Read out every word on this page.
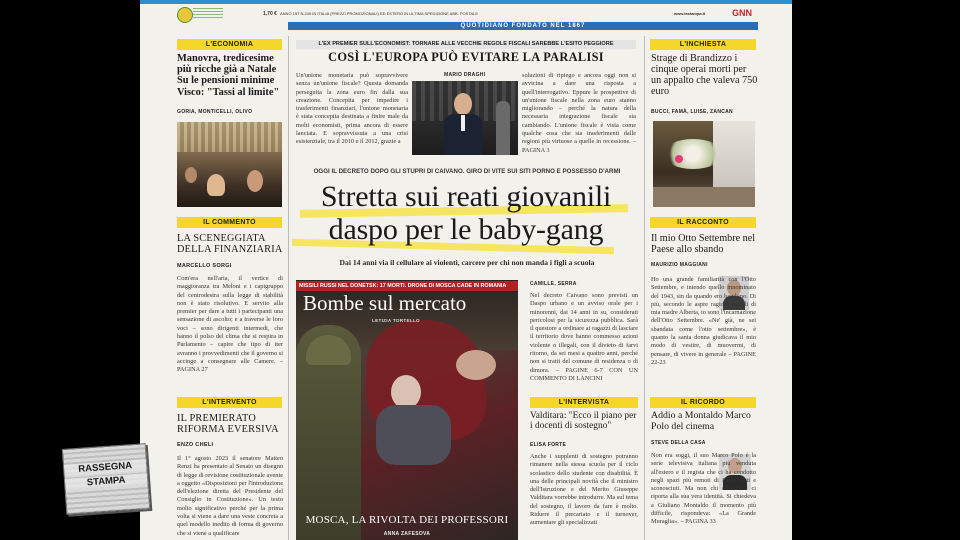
1,70 € ANNO 157 N.245 IN ITALIA (PREZZI PROMOZIONALI) ED ESTERO IN ULTIMA SPEDIZIONE ABB. POSTALE	www.lastampa.it	GNN
QUOTIDIANO FONDATO NEL 1867
L'ECONOMIA
Manovra, tredicesime più ricche già a Natale Su le pensioni minime Visco: "Tassi al limite"
GORIA, MONTICELLI, OLIVO
IL COMMENTO
LA SCENEGGIATA DELLA FINANZIARIA
MARCELLO SORGI
Com'era nell'aria, il vertice di maggioranza tra Meloni e i capigruppo del centrodestra sulla legge di stabilità non è stato risolutivo. E servito alla premier per dare a tutti i partecipanti una sensazione di ascolto; e a traverse le loro voci – sono dirigenti intermedi, che hanno il polso del clima che si respira in Parlamento – capire che tipo di iter avranno i provvedimenti che il governo si accinge a consegnare alle Camere. – PAGINA 27
L'INTERVENTO
IL PREMIERATO RIFORMA EVERSIVA
ENZO CHELI
Il 1° agosto 2023 il senatore Matteo Renzi ha presentato al Senato un disegno di legge di revisione costituzionale avente a oggetto «Disposizioni per l'introduzione dell'elezione diretta del Presidente del Consiglio in Costituzione». Un testo molto significativo perché per la prima volta si viene a dare una veste concreta a quel modello inedito di forma di governo che si viene a qualificare
L'EX PREMIER SULL'ECONOMIST: TORNARE ALLE VECCHIE REGOLE FISCALI SAREBBE L'ESITO PEGGIORE
COSÌ L'EUROPA PUÒ EVITARE LA PARALISI
Un'unione monetaria può sopravvivere senza un'unione fiscale? Questa domanda perseguita la zona euro fin dalla sua creazione. Concepita per impedire i trasferimenti finanziari, l'unione monetaria è stata concepita destinata a finire male da molti economisti, prima ancora di essere lanciata. E sopravvissuta a una crisi esistenziale, tra il 2010 e il 2012, grazie a
MARIO DRAGHI	soluzioni di ripiego e ancora oggi non si avvicina a dare una risposta a quell'interrogativo. Eppure le prospettive di un'unione fiscale nella zona euro stanno migliorando – perché la natura della necessaria integrazione fiscale sta cambiando. L'unione fiscale è vista come qualche cosa che sia trasferimenti dalle regioni più virtuose a quelle in recessione. – PAGINA 3
OGGI IL DECRETO DOPO GLI STUPRI DI CAIVANO. GIRO DI VITE SUI SITI PORNO E POSSESSO D'ARMI
Stretta sui reati giovanili
daspo per le baby-gang
Dai 14 anni via il cellulare ai violenti, carcere per chi non manda i figli a scuola
MISSILI RUSSI NEL DONETSK: 17 MORTI. DRONE DI MOSCA CADE IN ROMANIA
Bombe sul mercato
LETIZIA TORTELLO
MOSCA, LA RIVOLTA DEI PROFESSORI
ANNA ZAFESOVA
CAMILLE, SERRA
Nel decreto Caivano sono previsti un Daspo urbano e un avviso orale per i minorenni, dai 14 anni in su, considerati pericolosi per la sicurezza pubblica. Sarà il questore a ordinare ai ragazzi di lasciare il territorio dove hanno commesso azioni violente o illegali, con il divieto di farvi ritorno, da sei mesi a quattro anni, perché non si tratti del comune di residenza o di dimora. – PAGINE 6-7 CON UN COMMENTO DI LANCINI
L'INTERVISTA
Valditara: "Ecco il piano per i docenti di sostegno"
ELISA FORTE
Anche i supplenti di sostegno potranno rimanere nella stessa scuola per il ciclo scolastico dello studente con disabilità. È una delle principali novità che il ministro dell'Istruzione e del Merito Giuseppe Valditara vorrebbe introdurre. Ma sul tema del sostegno, il lavoro da fare è molto. Ridurre il precariato e il turnover, aumentare gli specializzati
L'INCHIESTA
Strage di Brandizzo i cinque operai morti per un appalto che valeva 750 euro
BUCCI, FAMÀ, LUISE, ZANCAN
IL RACCONTO
Il mio Otto Settembre nel Paese allo sbando
MAURIZIO MAGGIANI
Ho una grande familiarità con l'Otto Settembre, e intendo quello innominato del 1943, sin da quando ero bambino. Di più, secondo le aspre ragioni morali di mia madre Alberta, io sono l'incarnazione dell'Otto Settembre. «Ne' già, ne sei sbandata come l'otto settembre», è quanto la santa donna giudicava il mio modo di vestire, di muovermi, di pensare, di vivere in generale – PAGINE 22-23
IL RICORDO
Addio a Montaldo Marco Polo del cinema
STEVE DELLA CASA
Non era soggi, il suo Marco Polo è la serie televisiva italiana più venduta all'estero e il regista che ci ha condotto negli spazi più remoti di Paesi, noti e sconosciuti. Ma non chi c'è ora e ci riporta alla sua vera identità. Si chiedeva a Giuliano Montaldo il momento più difficile, rispondeva: «La Grande Muraglia». – PAGINA 33
RASSEGNA
STAMPA
